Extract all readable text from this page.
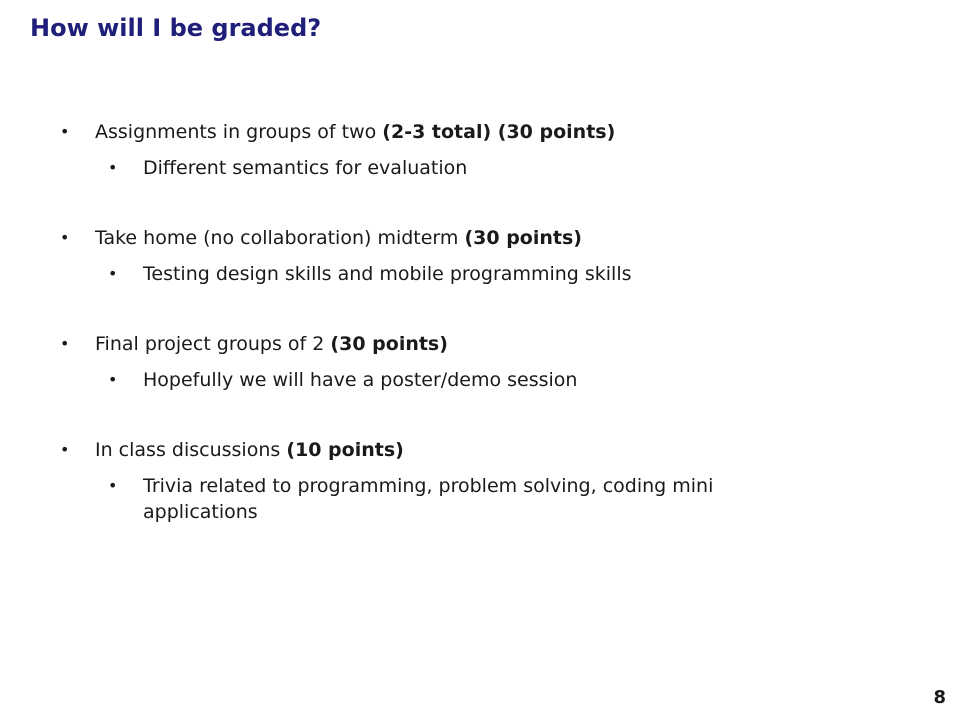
How will I be graded?
• Assignments in groups of two (2-3 total) (30 points)
• Different semantics for evaluation
• Take home (no collaboration) midterm (30 points)
• Testing design skills and mobile programming skills
• Final project groups of 2 (30 points)
• Hopefully we will have a poster/demo session
• In class discussions (10 points)
• Trivia related to programming, problem solving, coding mini applications
8
